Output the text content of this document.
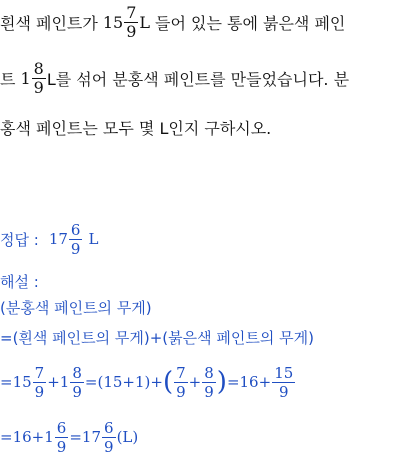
흰색 페인트가 $15 \frac{7}{9}$ L 들어 있는 통에 붉은색 페인
트 $1 \frac{8}{9}$ L를 섞어 분홍색 페인트를 만들었습니다. 분
홍색 페인트는 모두 몇 L인지 구하시오.
정답 : $17 \frac{6}{9}$ L
해설 :
(분홍색 페인트의 무게)
=(흰색 페인트의 무게)+(붉은색 페인트의 무게)
= $15 \frac{7}{9} + 1 \frac{8}{9} = (15+1)$ + ( $\frac{7}{9} + \frac{8}{9}$ ) = $16 + \frac{15}{9}$
= $16 + 1 \frac{6}{9} = 17 \frac{6}{9} (L)$
